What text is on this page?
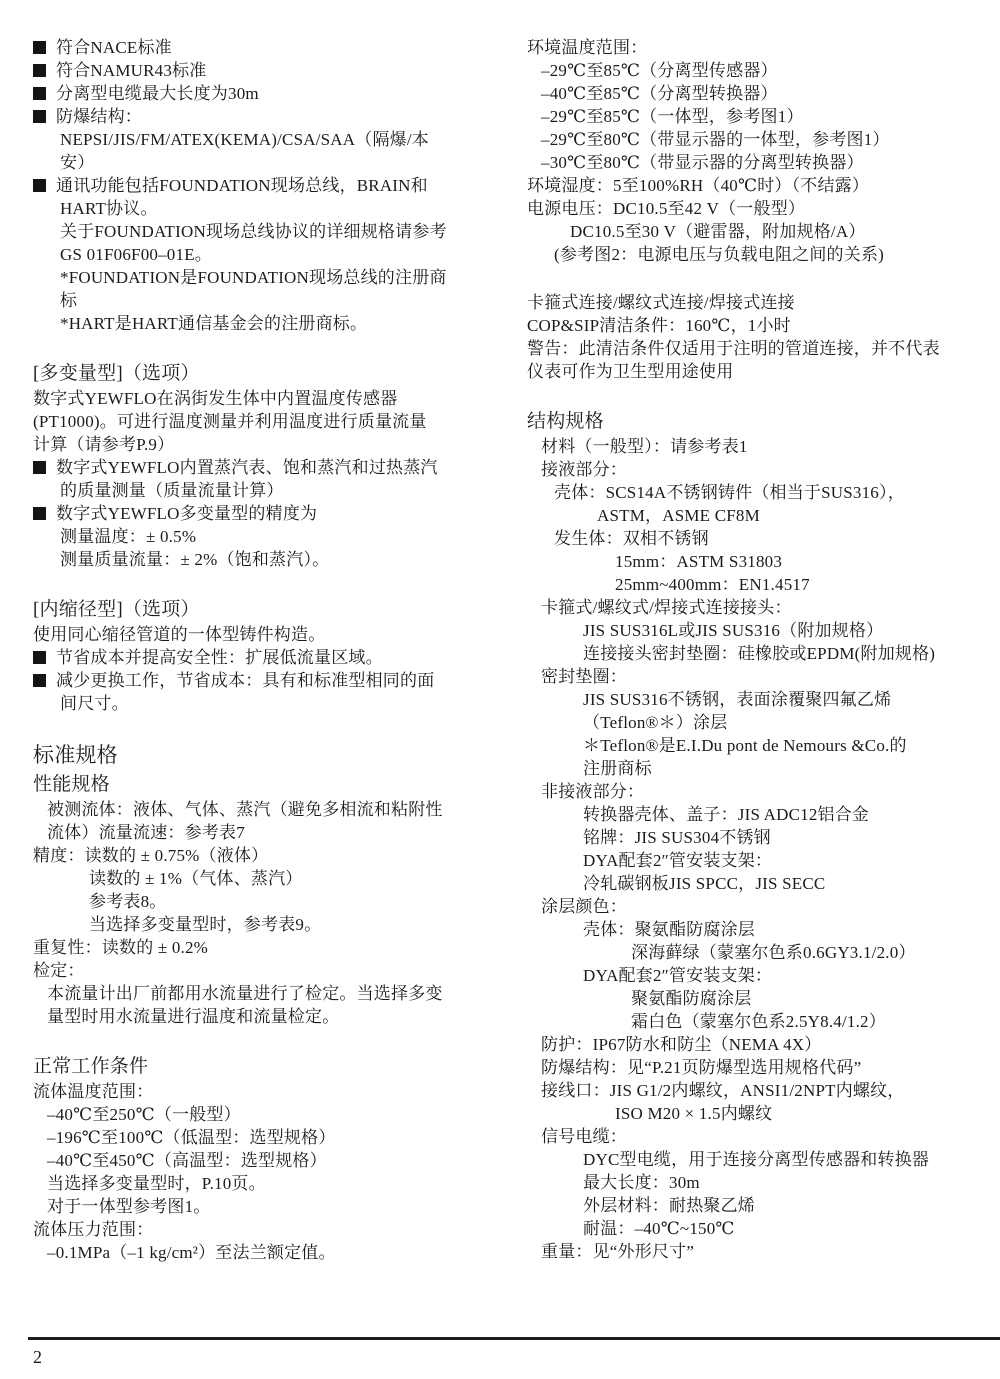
符合NACE标准
符合NAMUR43标准
分离型电缆最大长度为30m
防爆结构：
NEPSI/JIS/FM/ATEX(KEMA)/CSA/SAA（隔爆/本
安）
通讯功能包括FOUNDATION现场总线，BRAIN和
HART协议。
关于FOUNDATION现场总线协议的详细规格请参考
GS 01F06F00–01E。
*FOUNDATION是FOUNDATION现场总线的注册商
标
*HART是HART通信基金会的注册商标。
[多变量型]（选项）
数字式YEWFLO在涡街发生体中内置温度传感器
(PT1000)。可进行温度测量并利用温度进行质量流量
计算（请参考P.9）
数字式YEWFLO内置蒸汽表、饱和蒸汽和过热蒸汽
的质量测量（质量流量计算）
数字式YEWFLO多变量型的精度为
测量温度：± 0.5%
测量质量流量：± 2%（饱和蒸汽）。
[内缩径型]（选项）
使用同心缩径管道的一体型铸件构造。
节省成本并提高安全性：扩展低流量区域。
减少更换工作，节省成本：具有和标准型相同的面
间尺寸。
标准规格
性能规格
被测流体：液体、气体、蒸汽（避免多相流和粘附性
流体）流量流速：参考表7
精度：读数的 ± 0.75%（液体）
读数的 ± 1%（气体、蒸汽）
参考表8。
当选择多变量型时，参考表9。
重复性：读数的 ± 0.2%
检定：
本流量计出厂前都用水流量进行了检定。当选择多变
量型时用水流量进行温度和流量检定。
正常工作条件
流体温度范围：
–40℃至250℃（一般型）
–196℃至100℃（低温型：选型规格）
–40℃至450℃（高温型：选型规格）
当选择多变量型时，P.10页。
对于一体型参考图1。
流体压力范围：
–0.1MPa（–1 kg/cm²）至法兰额定值。
环境温度范围：
–29℃至85℃（分离型传感器）
–40℃至85℃（分离型转换器）
–29℃至85℃（一体型，参考图1）
–29℃至80℃（带显示器的一体型，参考图1）
–30℃至80℃（带显示器的分离型转换器）
环境湿度：5至100%RH（40℃时）（不结露）
电源电压：DC10.5至42 V（一般型）
DC10.5至30 V（避雷器，附加规格/A）
(参考图2：电源电压与负载电阻之间的关系)
卡箍式连接/螺纹式连接/焊接式连接
COP&SIP清洁条件：160℃，1小时
警告：此清洁条件仅适用于注明的管道连接，并不代表
仪表可作为卫生型用途使用
结构规格
材料（一般型）：请参考表1
接液部分：
壳体：SCS14A不锈钢铸件（相当于SUS316），
ASTM，ASME CF8M
发生体：双相不锈钢
15mm：ASTM S31803
25mm~400mm：EN1.4517
卡箍式/螺纹式/焊接式连接接头：
JIS SUS316L或JIS SUS316（附加规格）
连接接头密封垫圈：硅橡胶或EPDM(附加规格)
密封垫圈：
JIS SUS316不锈钢，表面涂覆聚四氟乙烯
（Teflon®＊）涂层
＊Teflon®是E.I.Du pont de Nemours &Co.的
注册商标
非接液部分：
转换器壳体、盖子：JIS ADC12铝合金
铭牌：JIS SUS304不锈钢
DYA配套2″管安装支架：
冷轧碳钢板JIS SPCC，JIS SECC
涂层颜色：
壳体：聚氨酯防腐涂层
深海藓绿（蒙塞尔色系0.6GY3.1/2.0）
DYA配套2″管安装支架：
聚氨酯防腐涂层
霜白色（蒙塞尔色系2.5Y8.4/1.2）
防护：IP67防水和防尘（NEMA 4X）
防爆结构：见“P.21页防爆型选用规格代码”
接线口：JIS G1/2内螺纹，ANSI1/2NPT内螺纹，
ISO M20 × 1.5内螺纹
信号电缆：
DYC型电缆，用于连接分离型传感器和转换器
最大长度：30m
外层材料：耐热聚乙烯
耐温：–40℃~150℃
重量：见“外形尺寸”
2
